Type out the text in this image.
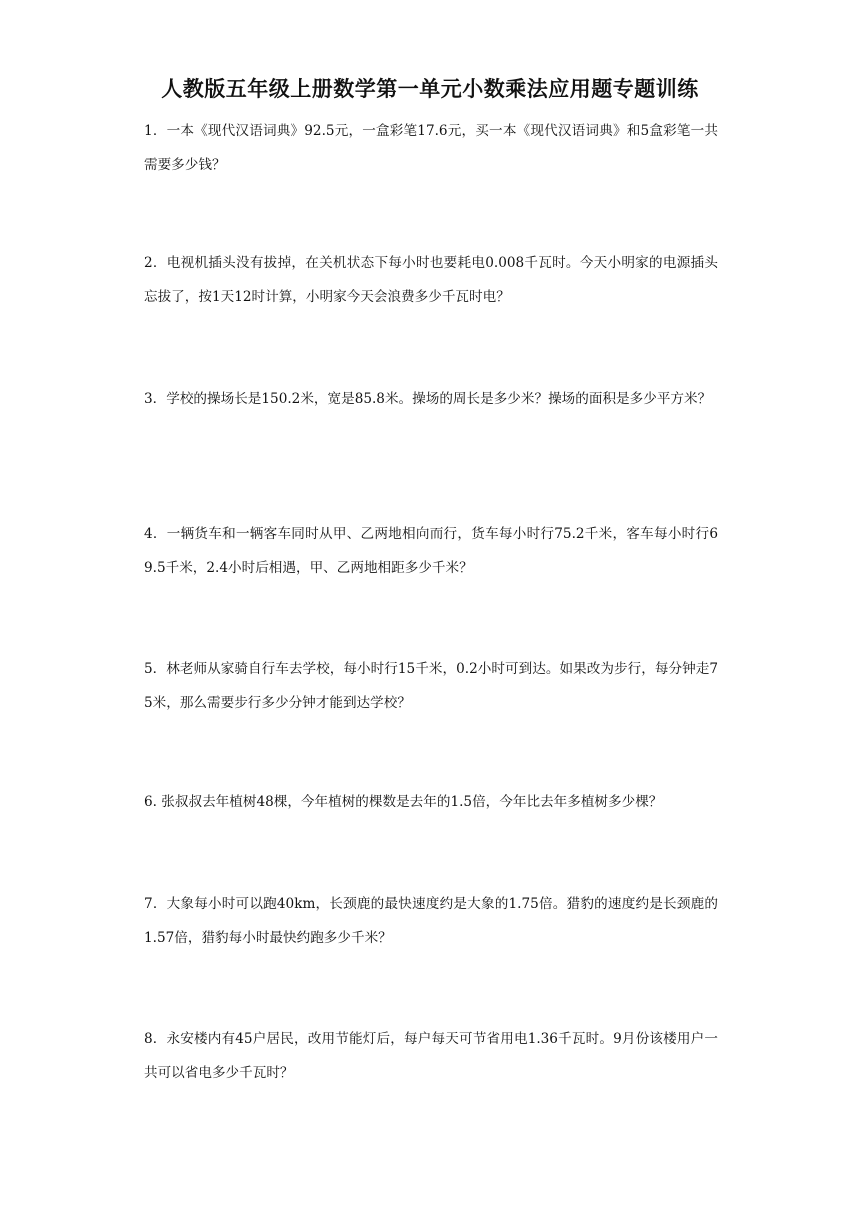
人教版五年级上册数学第一单元小数乘法应用题专题训练
1．一本《现代汉语词典》92.5元，一盒彩笔17.6元，买一本《现代汉语词典》和5盒彩笔一共需要多少钱？
2．电视机插头没有拔掉，在关机状态下每小时也要耗电0.008千瓦时。今天小明家的电源插头忘拔了，按1天12时计算，小明家今天会浪费多少千瓦时电？
3．学校的操场长是150.2米，宽是85.8米。操场的周长是多少米？操场的面积是多少平方米？
4．一辆货车和一辆客车同时从甲、乙两地相向而行，货车每小时行75.2千米，客车每小时行69.5千米，2.4小时后相遇，甲、乙两地相距多少千米？
5．林老师从家骑自行车去学校，每小时行15千米，0.2小时可到达。如果改为步行，每分钟走75米，那么需要步行多少分钟才能到达学校？
6. 张叔叔去年植树48棵，今年植树的棵数是去年的1.5倍，今年比去年多植树多少棵？
7．大象每小时可以跑40km，长颈鹿的最快速度约是大象的1.75倍。猎豹的速度约是长颈鹿的1.57倍，猎豹每小时最快约跑多少千米？
8．永安楼内有45户居民，改用节能灯后，每户每天可节省用电1.36千瓦时。9月份该楼用户一共可以省电多少千瓦时？
